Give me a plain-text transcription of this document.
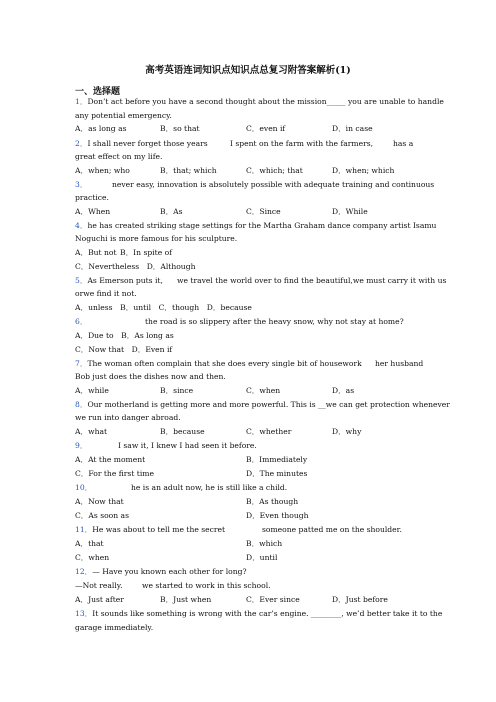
高考英语连词知识点知识点总复习附答案解析(1)
一、选择题
1．Don’t act before you have a second thought about the mission_____ you are unable to handle
any potential emergency.
A．as long as	B．so that	C．even if	D．in case
2．I shall never forget those years	I spent on the farm with the farmers,	has a
great effect on my life.
A．when; who	B．that; which	C．which; that	D．when; which
3．	never easy, innovation is absolutely possible with adequate training and continuous
practice.
A．When	B．As	C．Since	D．While
4．he has created striking stage settings for the Martha Graham dance company artist Isamu
Noguchi is more famous for his sculpture.
A．But not B．In spite of
C．Nevertheless　D．Although
5．As Emerson puts it, we travel the world over to find the beautiful,we must carry it with us
orwe find it not.
A．unless　B．until　C．though　D．because
6．	the road is so slippery after the heavy snow, why not stay at home?
A．Due to　B．As long as
C．Now that　D．Even if
7．The woman often complain that she does every single bit of housework her husband
Bob just does the dishes now and then.
A．while	B．since	C．when	D．as
8．Our motherland is getting more and more powerful. This is __we can get protection whenever
we run into danger abroad.
A．what	B．because	C．whether	D．why
9．	I saw it, I knew I had seen it before.
A．At the moment	B．Immediately
C．For the first time	D．The minutes
10．	he is an adult now, he is still like a child.
A．Now that	B．As though
C．As soon as	D．Even though
11．He was about to tell me the secret	someone patted me on the shoulder.
A．that	B．which
C．when	D．until
12．— Have you known each other for long?
—Not really.	we started to work in this school.
A．Just after	B．Just when	C．Ever since	D．Just before
13．It sounds like something is wrong with the car’s engine. ________, we’d better take it to the
garage immediately.
